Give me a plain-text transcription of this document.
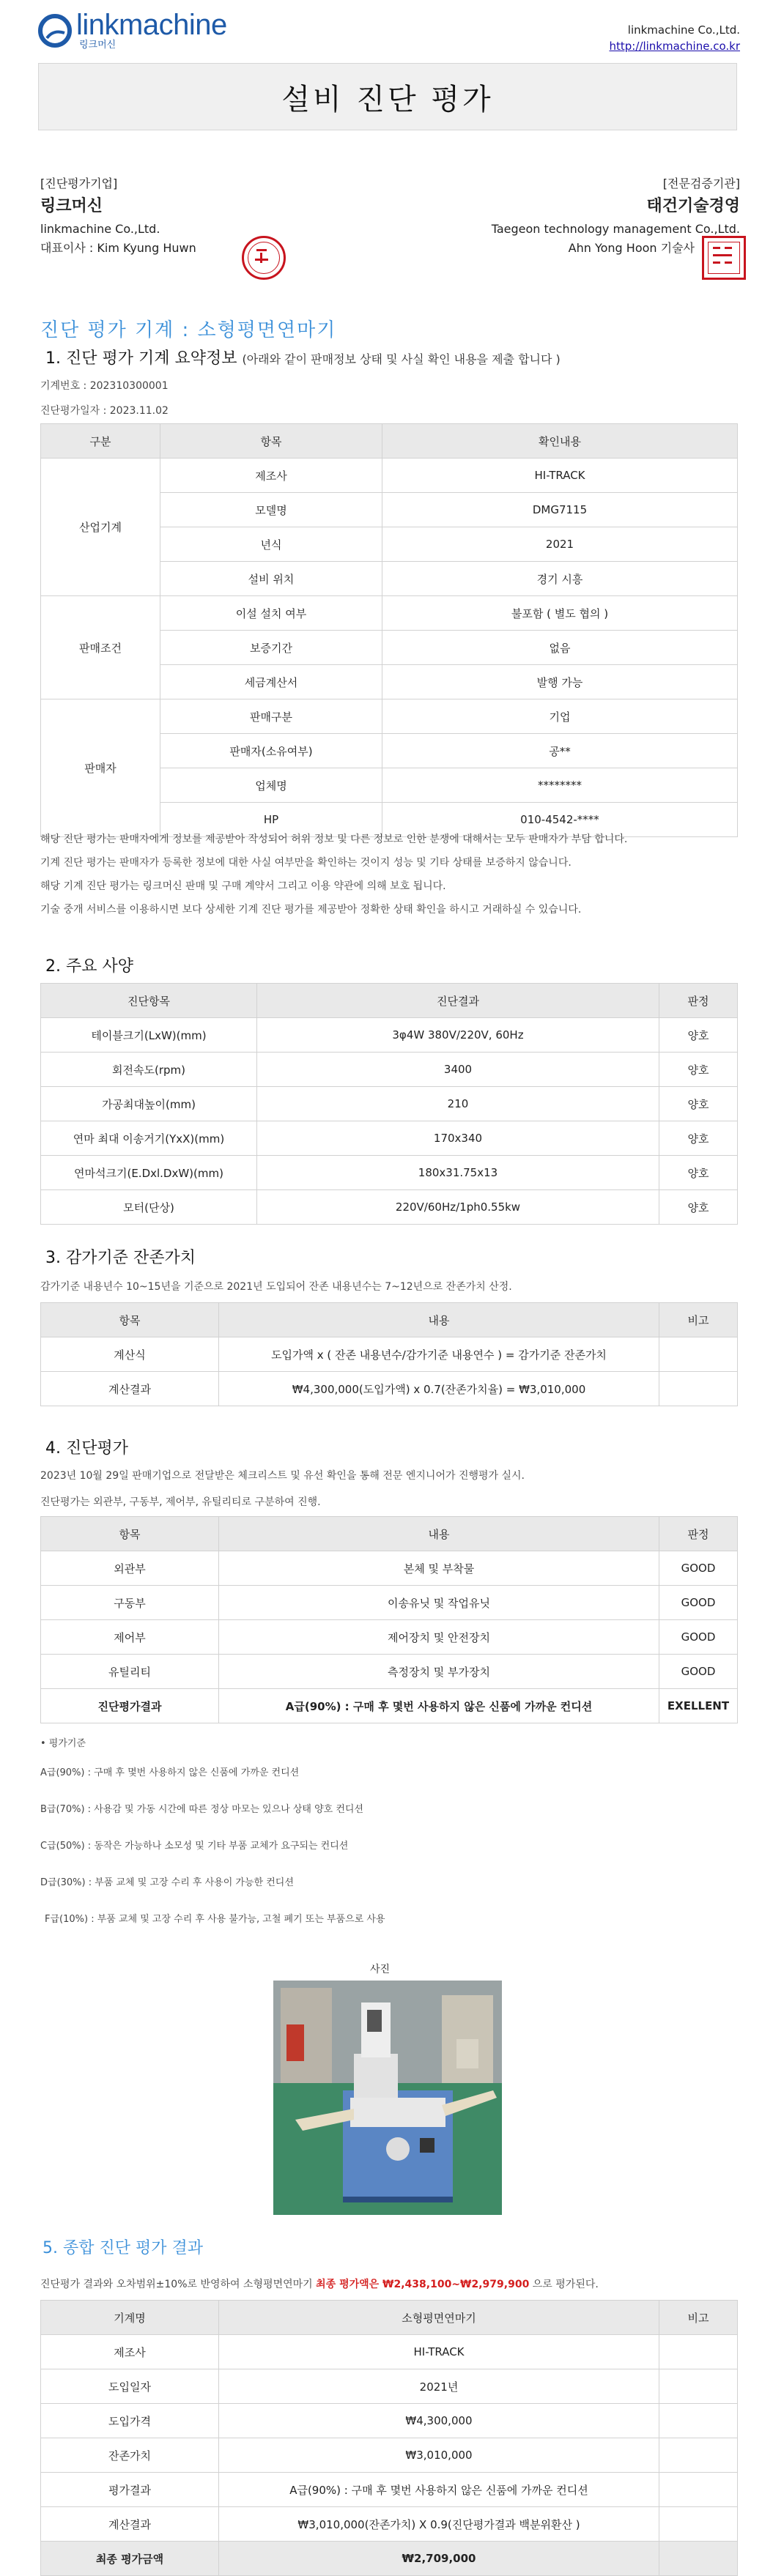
linkmachine
링크머신
linkmachine Co.,Ltd.
http://linkmachine.co.kr
설비 진단 평가
[진단평가기업]
링크머신
linkmachine Co.,Ltd.
대표이사 : Kim Kyung Huwn
[전문검증기관]
태건기술경영
Taegeon technology management Co.,Ltd.
Ahn Yong Hoon 기술사
진단 평가 기계 : 소형평면연마기
1. 진단 평가 기계 요약정보 (아래와 같이 판매정보 상태 및 사실 확인 내용을 제출 합니다 )
기계번호 : 202310300001
진단평가일자 : 2023.11.02
구분	항목	확인내용
산업기계	제조사	HI-TRACK
	모델명	DMG7115
	년식	2021
	설비 위치	경기 시흥
판매조건	이설 설치 여부	불포함 ( 별도 협의 )
	보증기간	없음
	세금계산서	발행 가능
판매자	판매구분	기업
	판매자(소유여부)	공**
	업체명	********
	HP	010-4542-****

해당 진단 평가는 판매자에게 정보를 제공받아 작성되어 허위 정보 및 다른 정보로 인한 분쟁에 대해서는 모두 판매자가 부담 합니다.

기계 진단 평가는 판매자가 등록한 정보에 대한 사실 여부만을 확인하는 것이지 성능 및 기타 상태를 보증하지 않습니다.

해당 기계 진단 평가는 링크머신 판매 및 구매 계약서 그리고 이용 약관에 의해 보호 됩니다.

기술 중개 서비스를 이용하시면 보다 상세한 기계 진단 평가를 제공받아 정확한 상태 확인을 하시고 거래하실 수 있습니다.

2. 주요 사양
진단항목	진단결과	판정
테이블크기(LxW)(mm)	3φ4W 380V/220V, 60Hz	양호
회전속도(rpm)	3400	양호
가공최대높이(mm)	210	양호
연마 최대 이송거기(YxX)(mm)	170x340	양호
연마석크기(E.Dxl.DxW)(mm)	180x31.75x13	양호
모터(단상)	220V/60Hz/1ph0.55kw	양호
3. 감가기준 잔존가치
감가기준 내용년수 10~15년을 기준으로 2021년 도입되어 잔존 내용년수는 7~12년으로 잔존가치 산정.
항목	내용	비고
계산식	도입가액 x ( 잔존 내용년수/감가기준 내용연수 ) = 감가기준 잔존가치	
계산결과	₩4,300,000(도입가액) x 0.7(잔존가치율) = ₩3,010,000	
4. 진단평가
2023년 10월 29일 판매기업으로 전달받은 체크리스트 및 유선 확인을 통해 전문 엔지니어가 진행평가 실시.
진단평가는 외관부, 구동부, 제어부, 유틸리티로 구분하여 진행.
항목	내용	판정
외관부	본체 및 부착물	GOOD
구동부	이송유닛 및 작업유닛	GOOD
제어부	제어장치 및 안전장치	GOOD
유틸리티	측정장치 및 부가장치	GOOD
진단평가결과	A급(90%) : 구매 후 몇번 사용하지 않은 신품에 가까운 컨디션	EXELLENT

• 평가기준

A급(90%) : 구매 후 몇번 사용하지 않은 신품에 가까운 컨디션

B급(70%) : 사용감 및 가동 시간에 따른 정상 마모는 있으나 상태 양호 컨디션

C급(50%) : 동작은 가능하나 소모성 및 기타 부품 교체가 요구되는 컨디션

D급(30%) : 부품 교체 및 고장 수리 후 사용이 가능한 컨디션

F급(10%) : 부품 교체 및 고장 수리 후 사용 불가능, 고철 폐기 또는 부품으로 사용

사진
5. 종합 진단 평가 결과
진단평가 결과와 오차범위±10%로 반영하여 소형평면연마기 최종 평가액은 ₩2,438,100~₩2,979,900 으로 평가된다.
기계명	소형평면연마기	비고
제조사	HI-TRACK	
도입일자	2021년	
도입가격	₩4,300,000	
잔존가치	₩3,010,000	
평가결과	A급(90%) : 구매 후 몇번 사용하지 않은 신품에 가까운 컨디션	
계산결과	₩3,010,000(잔존가치) X 0.9(진단평가결과 백분위환산 )	
최종 평가금액	₩2,709,000	
